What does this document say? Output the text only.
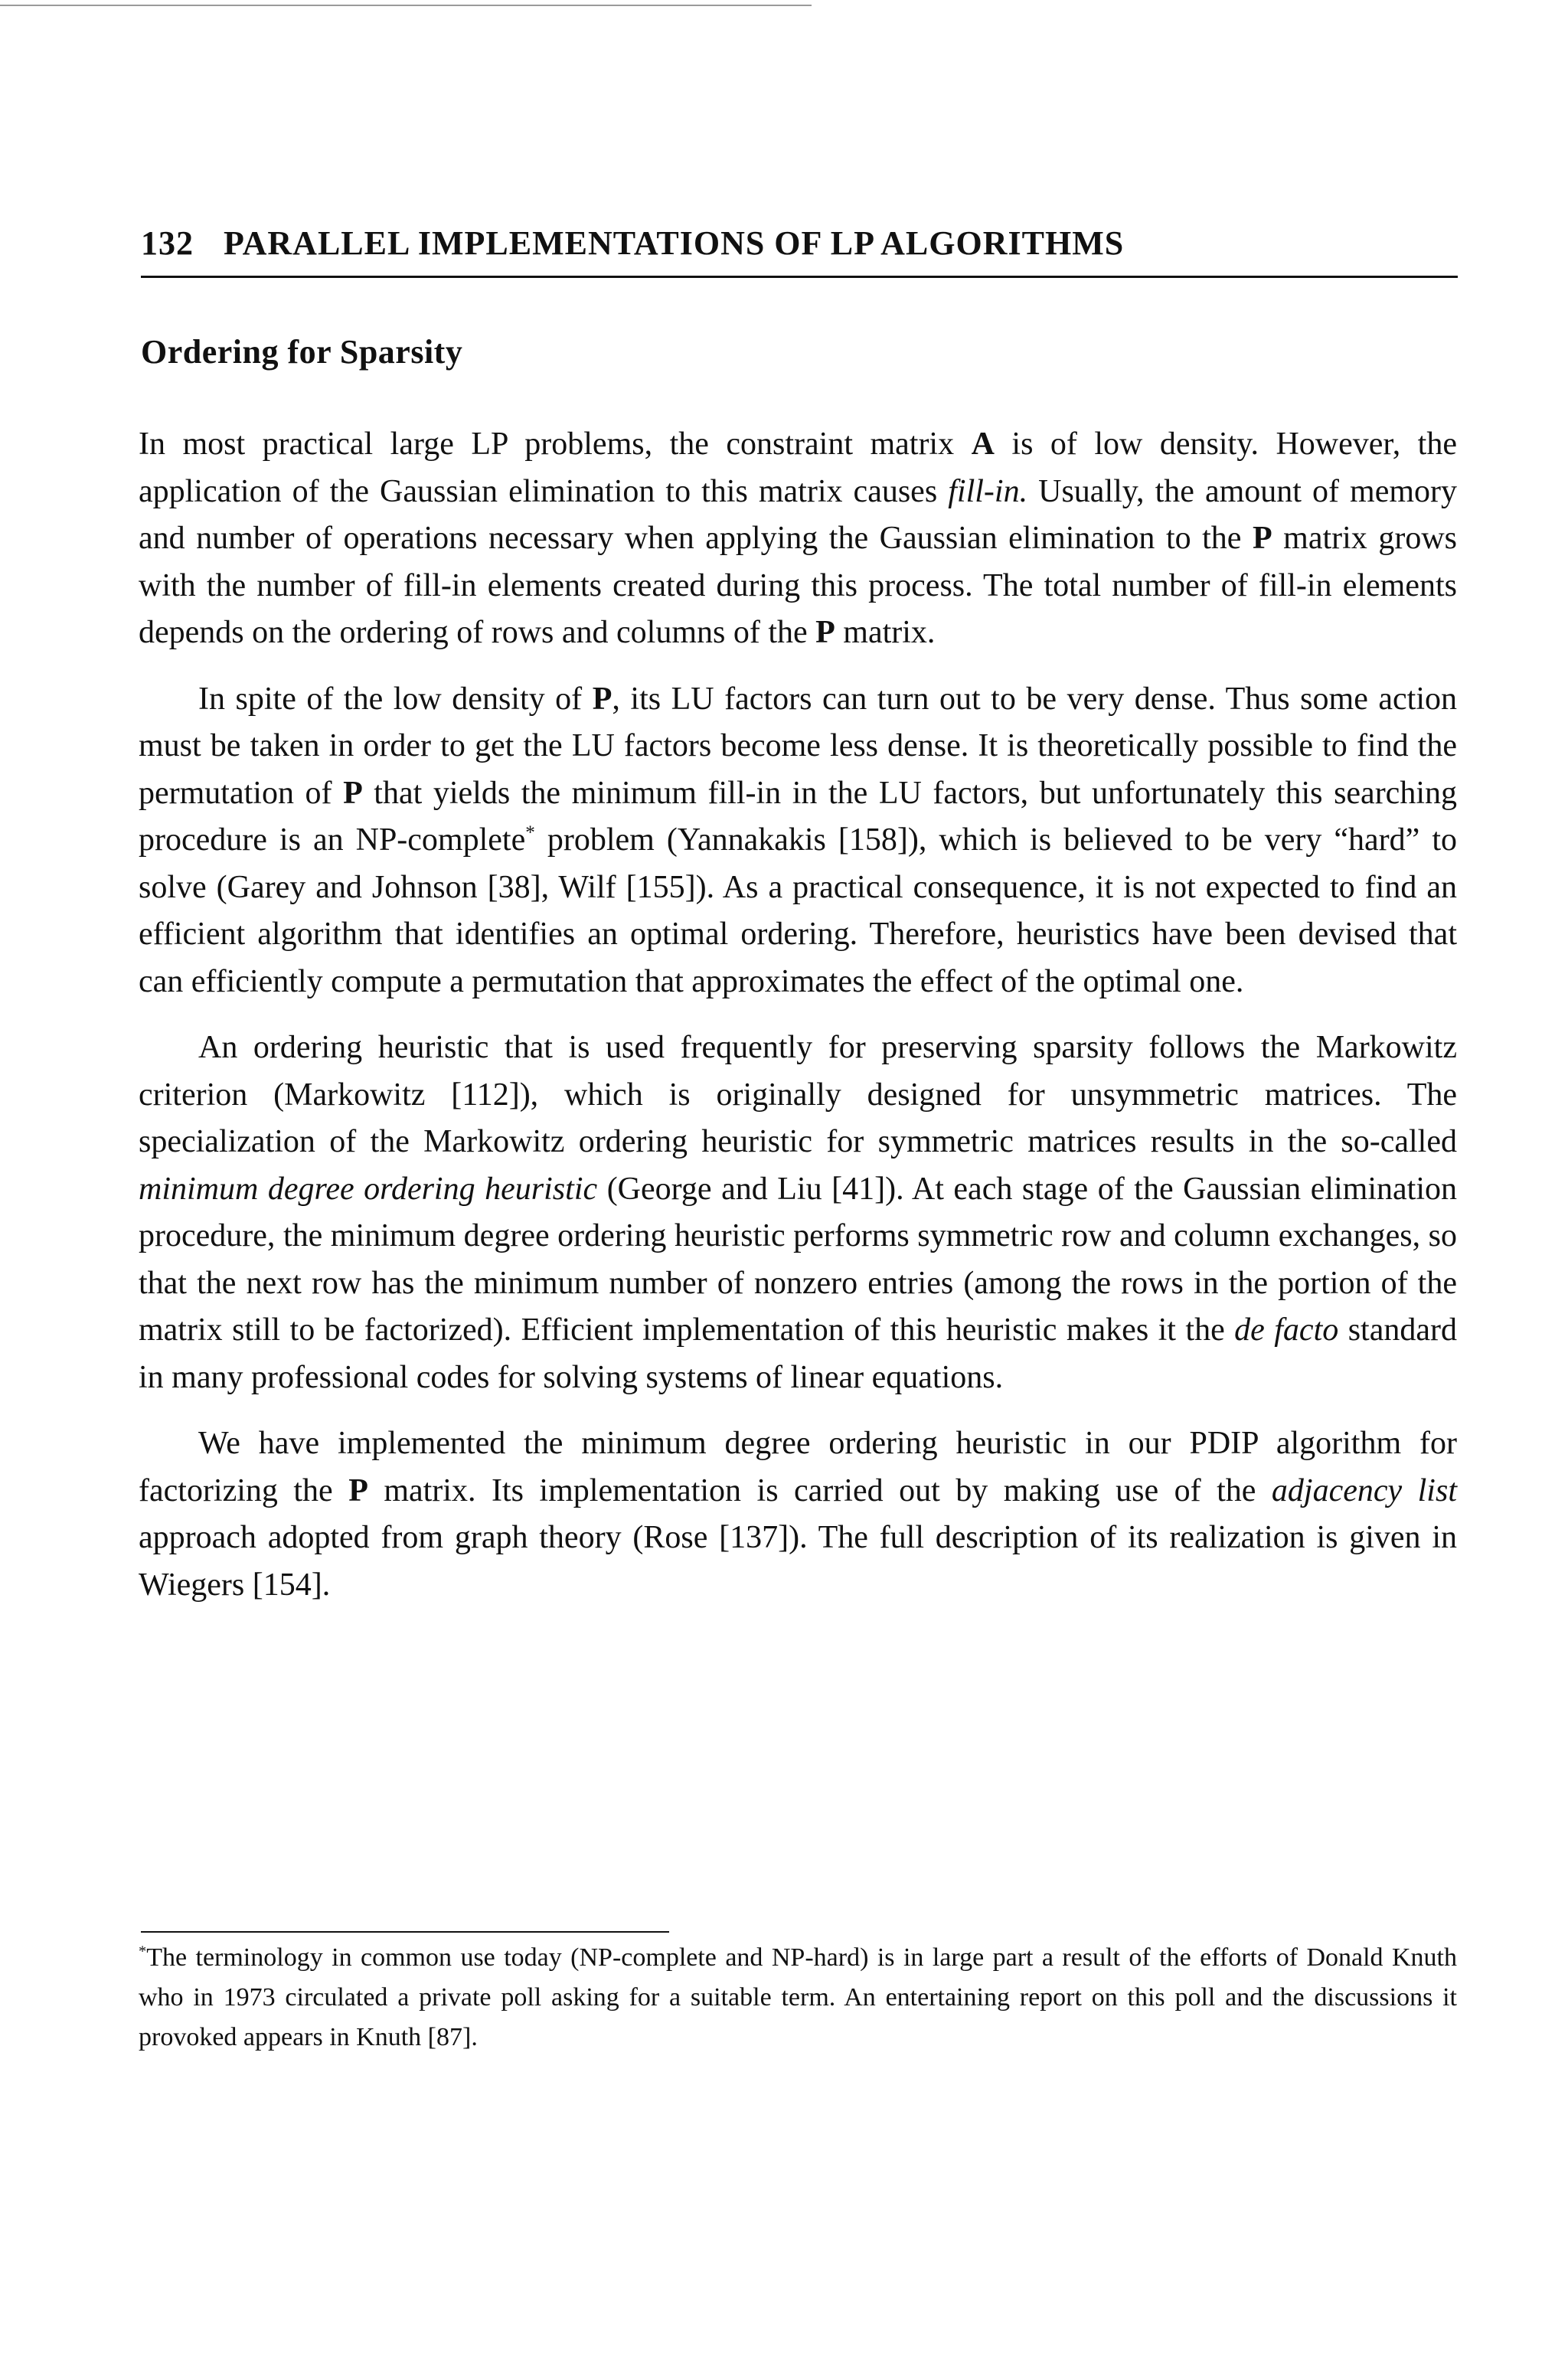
132 PARALLEL IMPLEMENTATIONS OF LP ALGORITHMS
Ordering for Sparsity

In most practical large LP problems, the constraint matrix A is of low density. However, the application of the Gaussian elimination to this matrix causes fill-in. Usually, the amount of memory and number of operations necessary when applying the Gaussian elimination to the P matrix grows with the number of fill-in elements created during this process. The total number of fill-in elements depends on the ordering of rows and columns of the P matrix.

In spite of the low density of P, its LU factors can turn out to be very dense. Thus some action must be taken in order to get the LU factors become less dense. It is theoretically possible to find the permutation of P that yields the minimum fill-in in the LU factors, but unfortunately this searching procedure is an NP-complete* problem (Yannakakis [158]), which is believed to be very “hard” to solve (Garey and Johnson [38], Wilf [155]). As a practical consequence, it is not expected to find an efficient algorithm that identifies an optimal ordering. Therefore, heuristics have been devised that can efficiently compute a permutation that approximates the effect of the optimal one.

An ordering heuristic that is used frequently for preserving sparsity follows the Markowitz criterion (Markowitz [112]), which is originally designed for unsymmetric matrices. The specialization of the Markowitz ordering heuristic for symmetric matrices results in the so-called minimum degree ordering heuristic (George and Liu [41]). At each stage of the Gaussian elimination procedure, the minimum degree ordering heuristic performs symmetric row and column exchanges, so that the next row has the minimum number of nonzero entries (among the rows in the portion of the matrix still to be factorized). Efficient implementation of this heuristic makes it the de facto standard in many professional codes for solving systems of linear equations.

We have implemented the minimum degree ordering heuristic in our PDIP algorithm for factorizing the P matrix. Its implementation is carried out by making use of the adjacency list approach adopted from graph theory (Rose [137]). The full description of its realization is given in Wiegers [154].

*The terminology in common use today (NP-complete and NP-hard) is in large part a result of the efforts of Donald Knuth who in 1973 circulated a private poll asking for a suitable term. An entertaining report on this poll and the discussions it provoked appears in Knuth [87].
